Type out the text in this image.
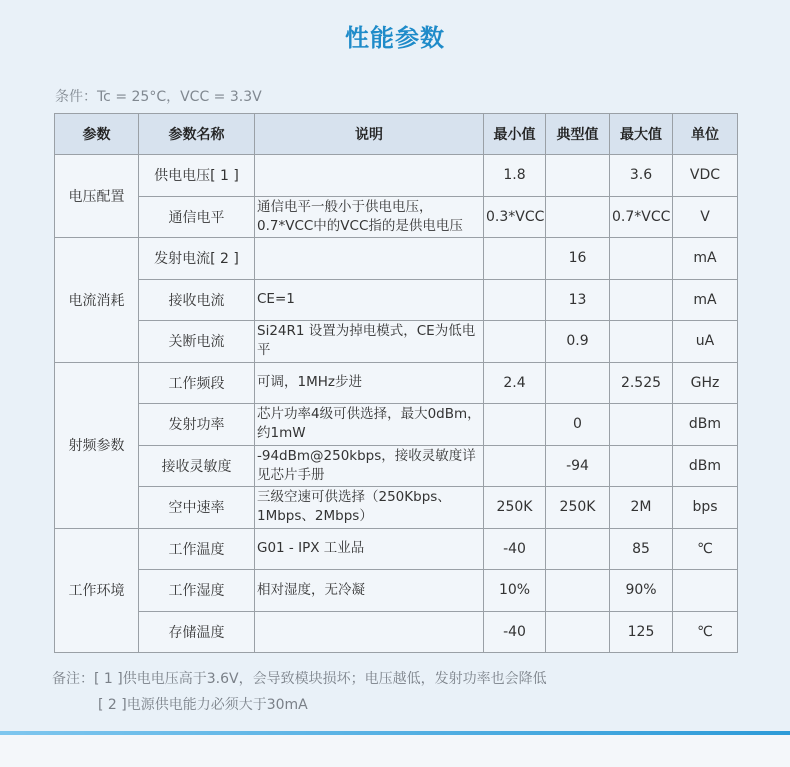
性能参数
条件：Tc = 25°C，VCC = 3.3V
参数	参数名称	说明	最小值	典型值	最大值	单位
电压配置	供电电压[ 1 ]		1.8		3.6	VDC
	通信电平	通信电平一般小于供电电压，0.7*VCC中的VCC指的是供电电压	0.3*VCC		0.7*VCC	V
电流消耗	发射电流[ 2 ]			16		mA
	接收电流	CE=1		13		mA
	关断电流	Si24R1 设置为掉电模式，CE为低电平		0.9		uA
射频参数	工作频段	可调，1MHz步进	2.4		2.525	GHz
	发射功率	芯片功率4级可供选择，最大0dBm，约1mW		0		dBm
	接收灵敏度	-94dBm@250kbps，接收灵敏度详见芯片手册		-94		dBm
	空中速率	三级空速可供选择（250Kbps、1Mbps、2Mbps）	250K	250K	2M	bps
工作环境	工作温度	G01 - IPX 工业品	-40		85	℃
	工作湿度	相对湿度，无冷凝	10%		90%	
	存储温度		-40		125	℃
备注：[ 1 ]供电电压高于3.6V，会导致模块损坏；电压越低，发射功率也会降低
[ 2 ]电源供电能力必须大于30mA
